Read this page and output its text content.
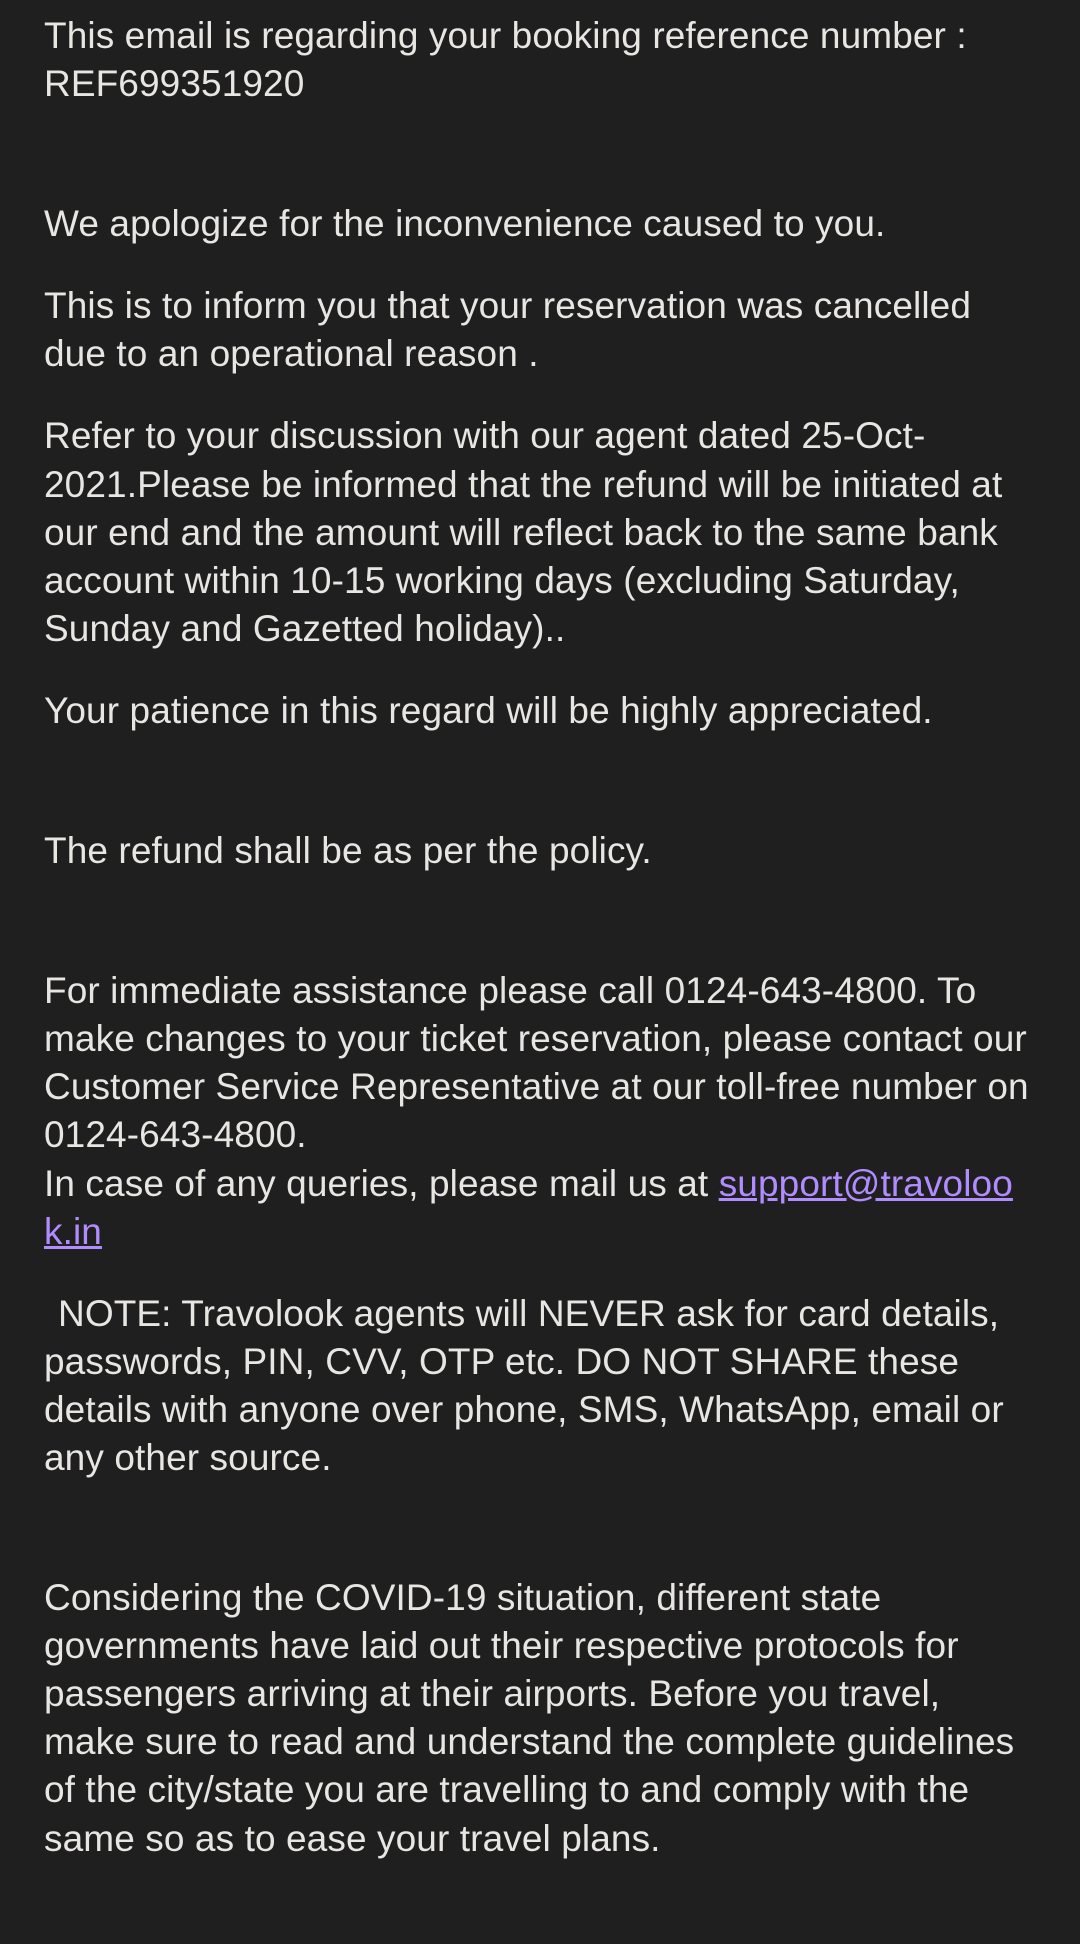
This email is regarding your booking reference number : REF699351920

We apologize for the inconvenience caused to you.

This is to inform you that your reservation was cancelled due to an operational reason .

Refer to your discussion with our agent dated 25-Oct-2021.Please be informed that the refund will be initiated at our end and the amount will reflect back to the same bank account within 10-15 working days (excluding Saturday, Sunday and Gazetted holiday)..

Your patience in this regard will be highly appreciated.

The refund shall be as per the policy.

For immediate assistance please call 0124-643-4800. To make changes to your ticket reservation, please contact our Customer Service Representative at our toll-free number on 0124-643-4800.

In case of any queries, please mail us at support@travolook.in

NOTE: Travolook agents will NEVER ask for card details, passwords, PIN, CVV, OTP etc. DO NOT SHARE these details with anyone over phone, SMS, WhatsApp, email or any other source.

Considering the COVID-19 situation, different state governments have laid out their respective protocols for passengers arriving at their airports. Before you travel, make sure to read and understand the complete guidelines of the city/state you are travelling to and comply with the same so as to ease your travel plans.
